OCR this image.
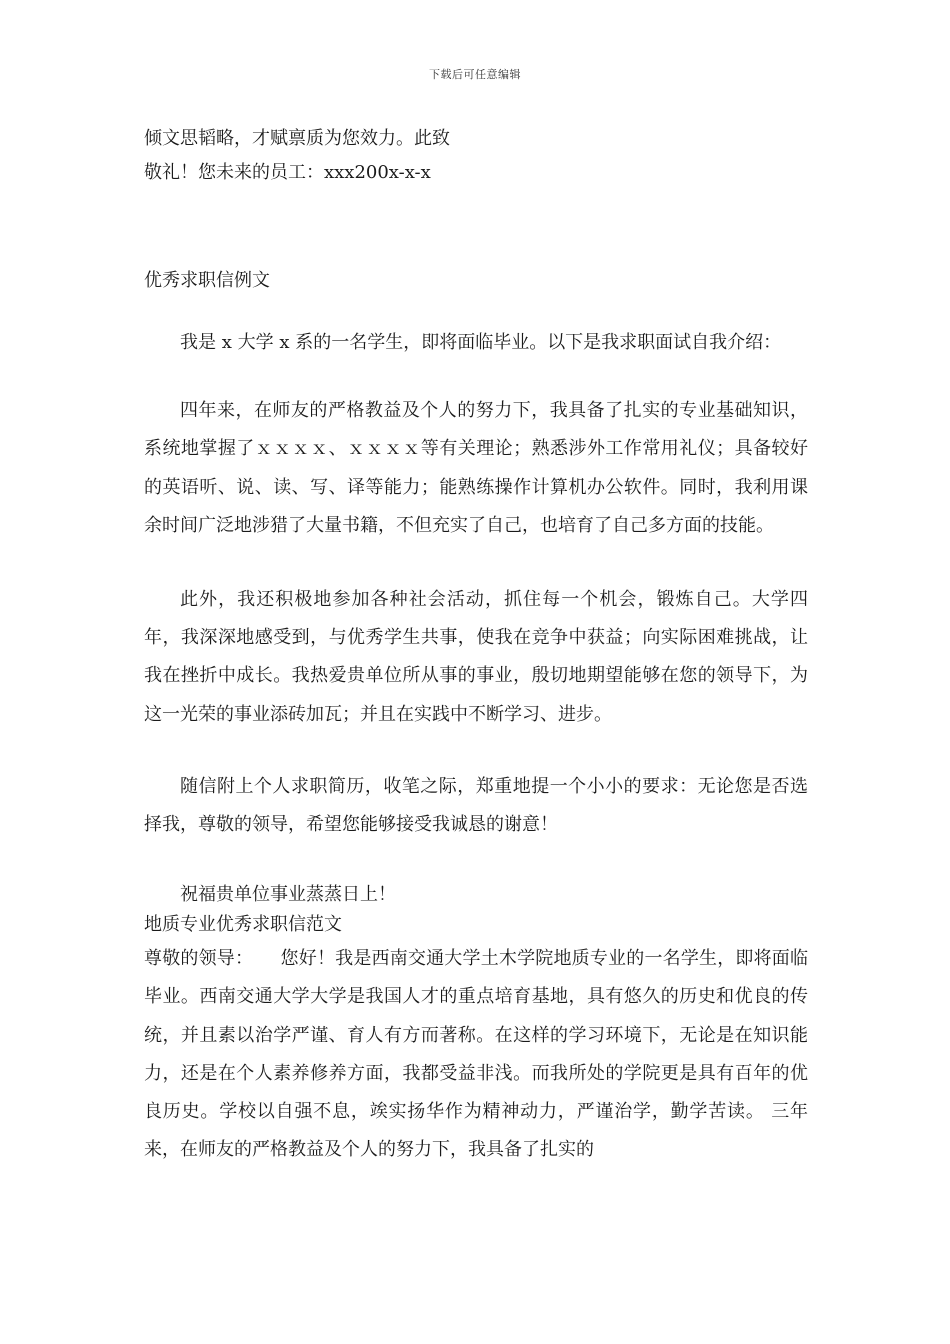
下载后可任意编辑

倾文思韬略，才赋禀质为您效力。此致

敬礼！您未来的员工：xxx200x-x-x

优秀求职信例文

我是 x 大学 x 系的一名学生，即将面临毕业。以下是我求职面试自我介绍：

四年来，在师友的严格教益及个人的努力下，我具备了扎实的专业基础知识，系统地掌握了ｘｘｘｘ、ｘｘｘｘ等有关理论；熟悉涉外工作常用礼仪；具备较好的英语听、说、读、写、译等能力；能熟练操作计算机办公软件。同时，我利用课余时间广泛地涉猎了大量书籍，不但充实了自己，也培育了自己多方面的技能。

此外，我还积极地参加各种社会活动，抓住每一个机会，锻炼自己。大学四年，我深深地感受到，与优秀学生共事，使我在竞争中获益；向实际困难挑战，让我在挫折中成长。我热爱贵单位所从事的事业，殷切地期望能够在您的领导下，为这一光荣的事业添砖加瓦；并且在实践中不断学习、进步。

随信附上个人求职简历，收笔之际，郑重地提一个小小的要求：无论您是否选择我，尊敬的领导，希望您能够接受我诚恳的谢意！

祝福贵单位事业蒸蒸日上！

地质专业优秀求职信范文

尊敬的领导：　　您好！我是西南交通大学土木学院地质专业的一名学生，即将面临毕业。西南交通大学大学是我国人才的重点培育基地，具有悠久的历史和优良的传统，并且素以治学严谨、育人有方而著称。在这样的学习环境下，无论是在知识能力，还是在个人素养修养方面，我都受益非浅。而我所处的学院更是具有百年的优良历史。学校以自强不息，竢实扬华作为精神动力，严谨治学，勤学苦读。 三年来，在师友的严格教益及个人的努力下，我具备了扎实的
